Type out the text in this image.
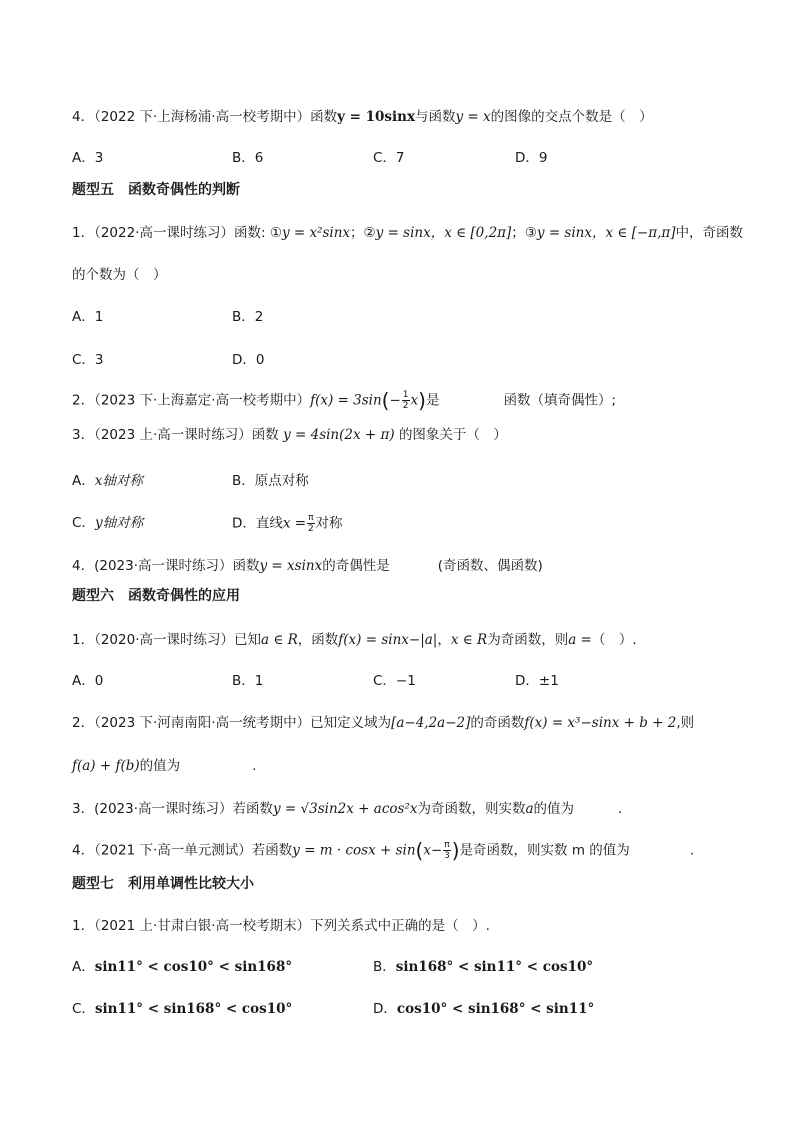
4．（2022 下·上海杨浦·高一校考期中）函数y = 10sinx与函数y = x的图像的交点个数是（　）
A．3	B．6	C．7	D．9
题型五　函数奇偶性的判断
1．（2022·高一课时练习）函数: ①y = x²sinx；②y = sinx，x ∈ [0,2π]；③y = sinx，x ∈ [−π,π]中，奇函数
的个数为（　）
A．1	B．2
C．3	D．0
2．（2023 下·上海嘉定·高一校考期中）$f(x) = 3\sin(- \frac{1}{2} x)$是	函数（填奇偶性）;
3．（2023 上·高一课时练习）函数 y = 4sin(2x + π) 的图象关于（　）
A．x轴对称	B．原点对称
C．y轴对称	D．直线$x = \frac{\pi}{2}$ 对称
4．(2023·高一课时练习）函数y = xsinx的奇偶性是	(奇函数、偶函数)
题型六　函数奇偶性的应用
1．（2020·高一课时练习）已知a ∈ R，函数f(x) = sinx−|a|，x ∈ R为奇函数，则a =（　）.
A．0	B．1	C．−1	D．±1
2．（2023 下·河南南阳·高一统考期中）已知定义域为[a−4,2a−2]的奇函数f(x) = x³−sinx + b + 2,则
f(a) + f(b)的值为	.
3．(2023·高一课时练习）若函数y = √3sin2x + acos²x为奇函数，则实数a的值为	.
4．（2021 下·高一单元测试）若函数$y = m \cdot \cos x + \sin(x- \frac{\pi}{3}$ )是奇函数，则实数 m 的值为	.
题型七　利用单调性比较大小
1．（2021 上·甘肃白银·高一校考期末）下列关系式中正确的是（　）.
A．sin11° < cos10° < sin168°	B．sin168° < sin11° < cos10°
C．sin11° < sin168° < cos10°	D．cos10° < sin168° < sin11°
